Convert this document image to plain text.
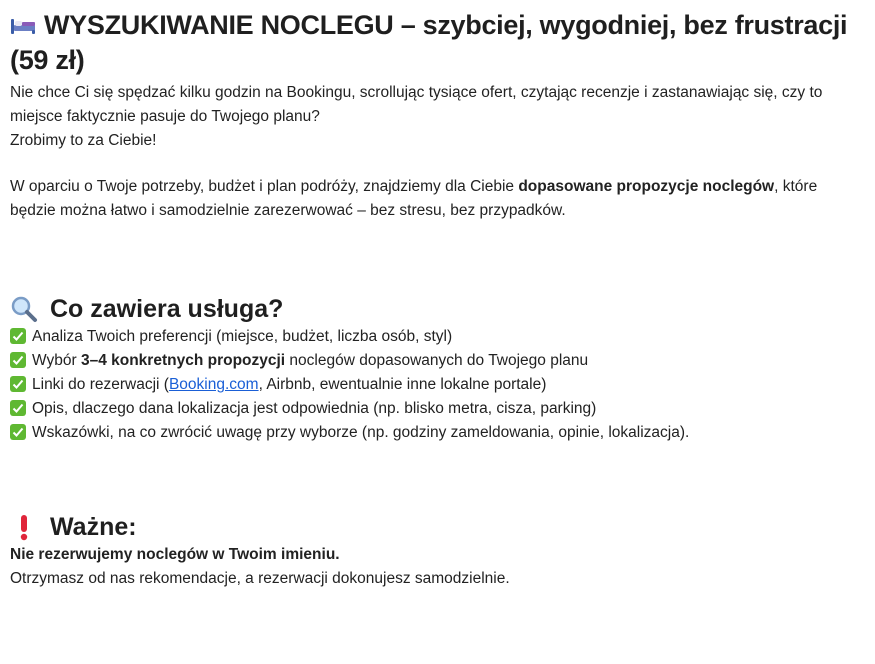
WYSZUKIWANIE NOCLEGU – szybciej, wygodniej, bez frustracji (59 zł)

Nie chce Ci się spędzać kilku godzin na Bookingu, scrollując tysiące ofert, czytając recenzje i zastanawiając się, czy to miejsce faktycznie pasuje do Twojego planu?
Zrobimy to za Ciebie!

W oparciu o Twoje potrzeby, budżet i plan podróży, znajdziemy dla Ciebie dopasowane propozycje noclegów, które będzie można łatwo i samodzielnie zarezerwować – bez stresu, bez przypadków.

Co zawiera usługa?
Analiza Twoich preferencji (miejsce, budżet, liczba osób, styl)
Wybór 3–4 konkretnych propozycji noclegów dopasowanych do Twojego planu
Linki do rezerwacji (Booking.com, Airbnb, ewentualnie inne lokalne portale)
Opis, dlaczego dana lokalizacja jest odpowiednia (np. blisko metra, cisza, parking)
Wskazówki, na co zwrócić uwagę przy wyborze (np. godziny zameldowania, opinie, lokalizacja).
Ważne:

Nie rezerwujemy noclegów w Twoim imieniu.
Otrzymasz od nas rekomendacje, a rezerwacji dokonujesz samodzielnie.
